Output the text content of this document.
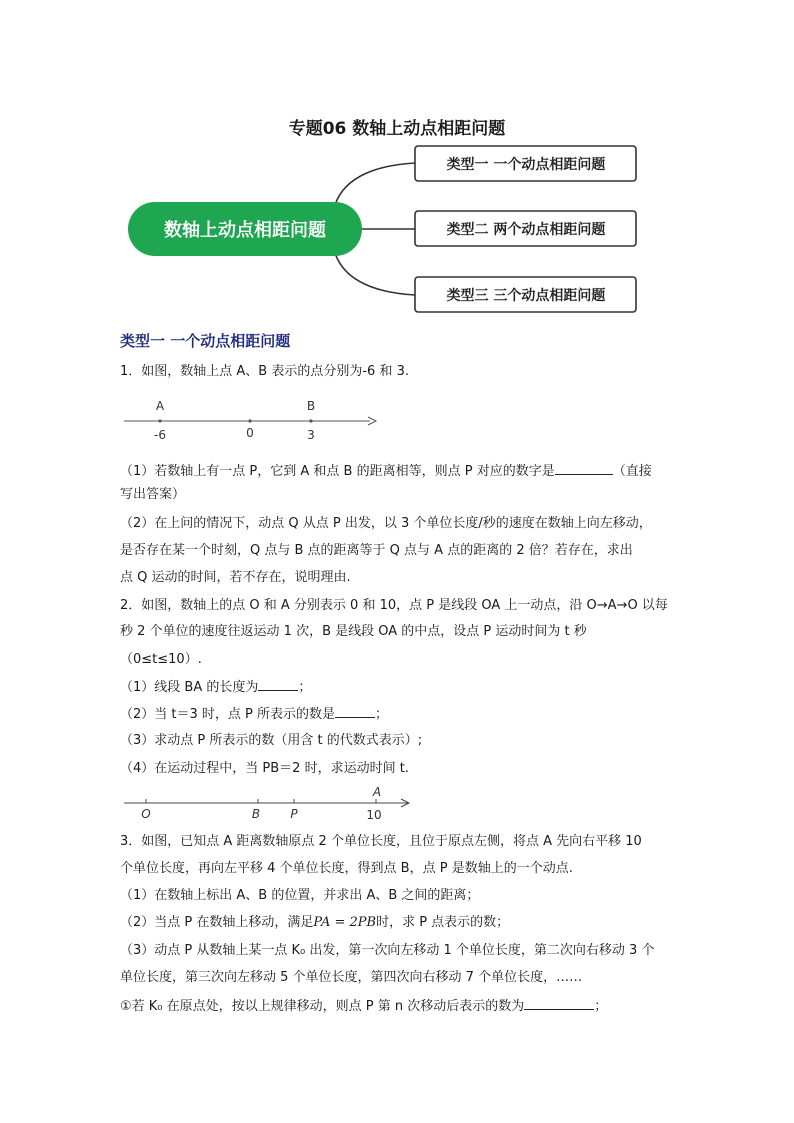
专题06 数轴上动点相距问题
数轴上动点相距问题
类型一 一个动点相距问题
类型二 两个动点相距问题
类型三 三个动点相距问题
类型一 一个动点相距问题
1．如图，数轴上点 A、B 表示的点分别为-6 和 3.
A	B
-6	0	3
（1）若数轴上有一点 P，它到 A 和点 B 的距离相等，则点 P 对应的数字是	（直接
写出答案）
（2）在上问的情况下，动点 Q 从点 P 出发，以 3 个单位长度/秒的速度在数轴上向左移动，
是否存在某一个时刻，Q 点与 B 点的距离等于 Q 点与 A 点的距离的 2 倍？若存在，求出
点 Q 运动的时间，若不存在，说明理由.
2．如图，数轴上的点 O 和 A 分别表示 0 和 10，点 P 是线段 OA 上一动点，沿 O→A→O 以每
秒 2 个单位的速度往返运动 1 次，B 是线段 OA 的中点，设点 P 运动时间为 t 秒
（0≤t≤10）.
（1）线段 BA 的长度为	；
（2）当 t＝3 时，点 P 所表示的数是	；
（3）求动点 P 所表示的数（用含 t 的代数式表示）;
（4）在运动过程中，当 PB＝2 时，求运动时间 t.
A
O	B	P	10
3．如图，已知点 A 距离数轴原点 2 个单位长度，且位于原点左侧，将点 A 先向右平移 10
个单位长度，再向左平移 4 个单位长度，得到点 B，点 P 是数轴上的一个动点.
（1）在数轴上标出 A、B 的位置，并求出 A、B 之间的距离；
（2）当点 P 在数轴上移动，满足PA = 2PB时，求 P 点表示的数；
（3）动点 P 从数轴上某一点 K₀ 出发，第一次向左移动 1 个单位长度，第二次向右移动 3 个
单位长度，第三次向左移动 5 个单位长度，第四次向右移动 7 个单位长度，……
①若 K₀ 在原点处，按以上规律移动，则点 P 第 n 次移动后表示的数为	；
